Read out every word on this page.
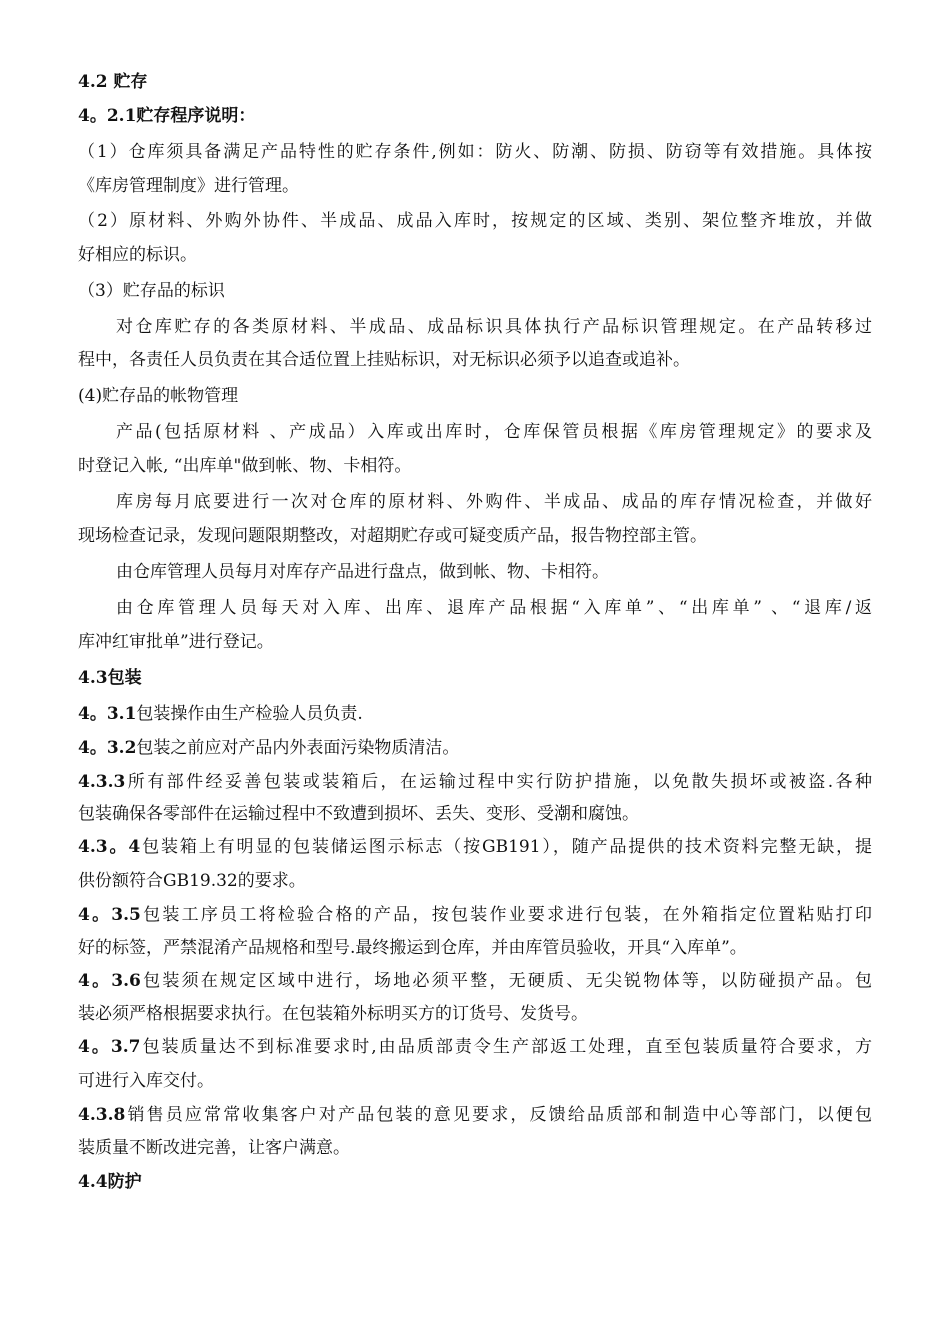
4.2 贮存
4。2.1贮存程序说明：
（1）仓库须具备满足产品特性的贮存条件,例如：防火、防潮、防损、防窃等有效措施。具体按
《库房管理制度》进行管理。
（2）原材料、外购外协件、半成品、成品入库时，按规定的区域、类别、架位整齐堆放，并做
好相应的标识。
（3）贮存品的标识
对仓库贮存的各类原材料、半成品、成品标识具体执行产品标识管理规定。在产品转移过
程中，各责任人员负责在其合适位置上挂贴标识，对无标识必须予以追查或追补。
(4)贮存品的帐物管理
产品(包括原材料 、产成品）入库或出库时，仓库保管员根据《库房管理规定》的要求及
时登记入帐, “出库单"做到帐、物、卡相符。
库房每月底要进行一次对仓库的原材料、外购件、半成品、成品的库存情况检查，并做好
现场检查记录，发现问题限期整改，对超期贮存或可疑变质产品，报告物控部主管。
由仓库管理人员每月对库存产品进行盘点，做到帐、物、卡相符。
由仓库管理人员每天对入库、出库、退库产品根据“入库单”、“出库单” 、“退库/返
库冲红审批单”进行登记。
4.3包装
4。3.1包装操作由生产检验人员负责.
4。3.2包装之前应对产品内外表面污染物质清洁。
4.3.3所有部件经妥善包装或装箱后，在运输过程中实行防护措施，以免散失损坏或被盗.各种
包装确保各零部件在运输过程中不致遭到损坏、丢失、变形、受潮和腐蚀。
4.3。4包装箱上有明显的包装储运图示标志（按GB191），随产品提供的技术资料完整无缺，提
供份额符合GB19.32的要求。
4。3.5包装工序员工将检验合格的产品，按包装作业要求进行包装，在外箱指定位置粘贴打印
好的标签，严禁混淆产品规格和型号.最终搬运到仓库，并由库管员验收，开具“入库单”。
4。3.6包装须在规定区域中进行，场地必须平整，无硬质、无尖锐物体等，以防碰损产品。包
装必须严格根据要求执行。在包装箱外标明买方的订货号、发货号。
4。3.7包装质量达不到标准要求时,由品质部责令生产部返工处理，直至包装质量符合要求，方
可进行入库交付。
4.3.8销售员应常常收集客户对产品包装的意见要求，反馈给品质部和制造中心等部门，以便包
装质量不断改进完善，让客户满意。
4.4防护
